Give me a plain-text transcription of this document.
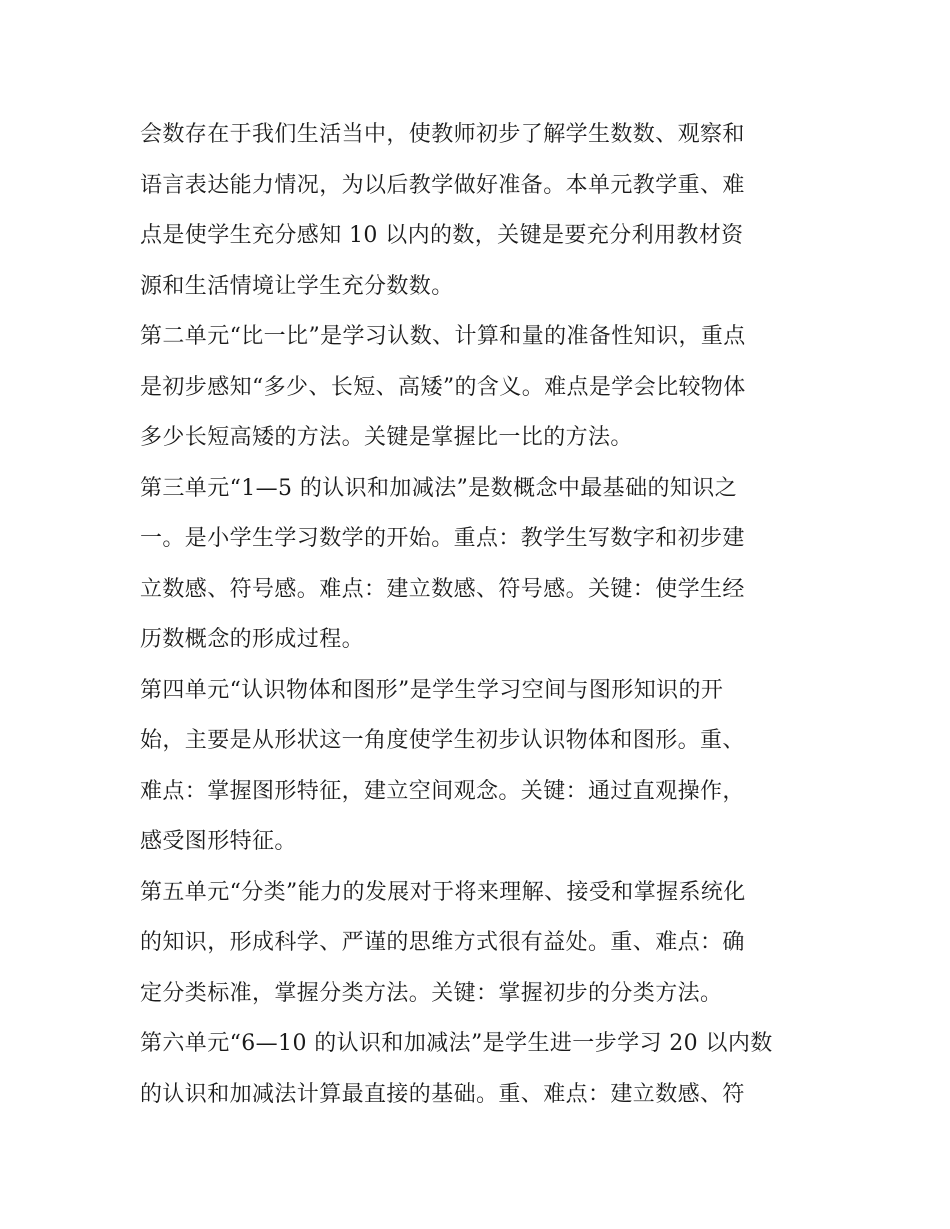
会数存在于我们生活当中，使教师初步了解学生数数、观察和
语言表达能力情况，为以后教学做好准备。本单元教学重、难
点是使学生充分感知 10 以内的数，关键是要充分利用教材资
源和生活情境让学生充分数数。
第二单元“比一比”是学习认数、计算和量的准备性知识，重点
是初步感知“多少、长短、高矮”的含义。难点是学会比较物体
多少长短高矮的方法。关键是掌握比一比的方法。
第三单元“1—5 的认识和加减法”是数概念中最基础的知识之
一。是小学生学习数学的开始。重点：教学生写数字和初步建
立数感、符号感。难点：建立数感、符号感。关键：使学生经
历数概念的形成过程。
第四单元“认识物体和图形”是学生学习空间与图形知识的开
始，主要是从形状这一角度使学生初步认识物体和图形。重、
难点：掌握图形特征，建立空间观念。关键：通过直观操作，
感受图形特征。
第五单元“分类”能力的发展对于将来理解、接受和掌握系统化
的知识，形成科学、严谨的思维方式很有益处。重、难点：确
定分类标准，掌握分类方法。关键：掌握初步的分类方法。
第六单元“6—10 的认识和加减法”是学生进一步学习 20 以内数
的认识和加减法计算最直接的基础。重、难点：建立数感、符
